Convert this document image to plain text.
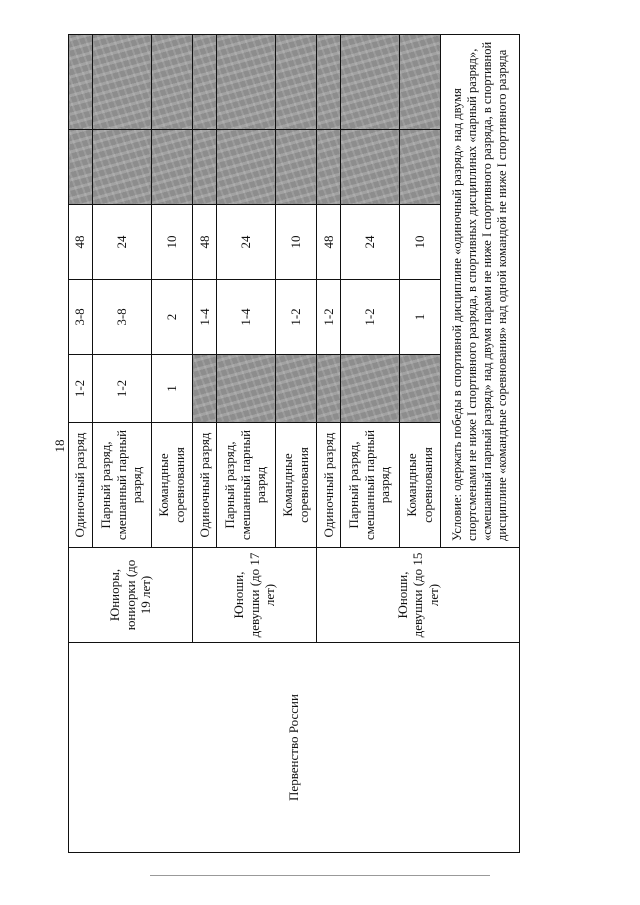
18
Первенство России	Юниоры, юниорки (до 19 лет)	Одиночный разряд	1-2	3-8	48		
		Парный разряд, смешанный парный разряд	1-2	3-8	24		
		Командные соревнования	1	2	10		
	Юноши, девушки (до 17 лет)	Одиночный разряд		1-4	48		
		Парный разряд, смешанный парный разряд		1-4	24		
		Командные соревнования		1-2	10		
	Юноши, девушки (до 15 лет)	Одиночный разряд		1-2	48		
		Парный разряд, смешанный парный разряд		1-2	24		
		Командные соревнования		1	10		
		Условие: одержать победы в спортивной дисциплине «одиночный разряд» над двумя спортсменами не ниже I спортивного разряда, в спортивных дисциплинах «парный разряд», «смешанный парный разряд» над двумя парами не ниже I спортивного разряда, в спортивной дисциплине «командные соревнования» над одной командой не ниже I спортивного разряда					
